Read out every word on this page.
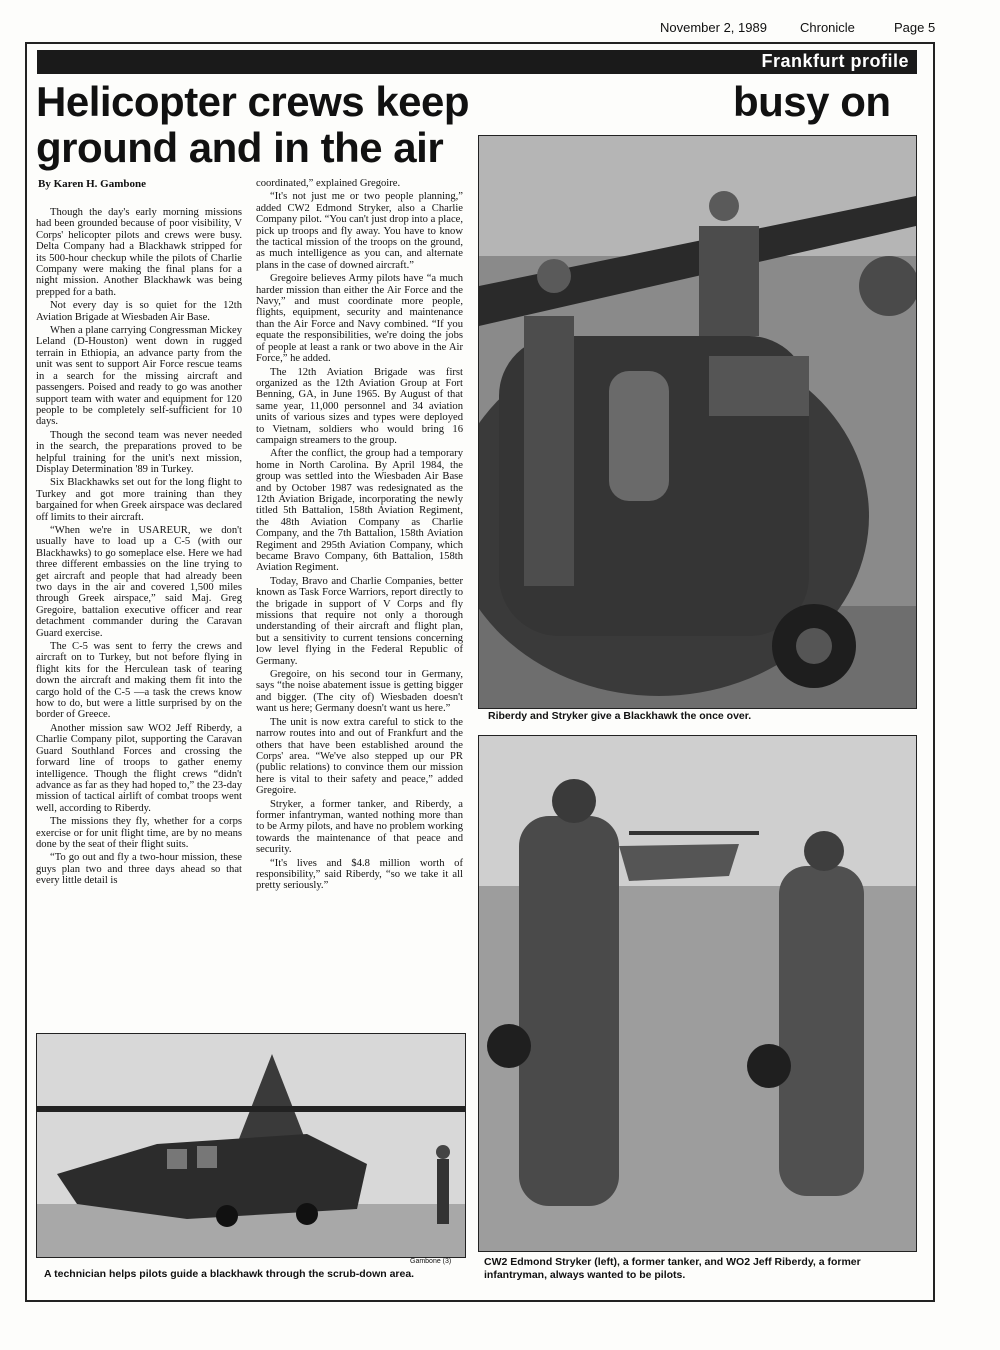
November 2, 1989	Chronicle	Page 5
Frankfurt profile
Riberdy and Stryker give a Blackhawk the once over.
Helicopter crews keep	busy on
ground and in the air

By Karen H. Gambone

Though the day's early morning missions had been grounded because of poor visibility, V Corps' helicopter pilots and crews were busy. Delta Company had a Blackhawk stripped for its 500-hour checkup while the pilots of Charlie Company were making the final plans for a night mission. Another Blackhawk was being prepped for a bath.

Not every day is so quiet for the 12th Aviation Brigade at Wiesbaden Air Base.

When a plane carrying Congressman Mickey Leland (D-Houston) went down in rugged terrain in Ethiopia, an advance party from the unit was sent to support Air Force rescue teams in a search for the missing aircraft and passengers. Poised and ready to go was another support team with water and equipment for 120 people to be completely self-sufficient for 10 days.

Though the second team was never needed in the search, the preparations proved to be helpful training for the unit's next mission, Display Determination '89 in Turkey.

Six Blackhawks set out for the long flight to Turkey and got more training than they bargained for when Greek airspace was declared off limits to their aircraft.

“When we're in USAREUR, we don't usually have to load up a C-5 (with our Blackhawks) to go someplace else. Here we had three different embassies on the line trying to get aircraft and people that had already been two days in the air and covered 1,500 miles through Greek airspace,” said Maj. Greg Gregoire, battalion executive officer and rear detachment commander during the Caravan Guard exercise.

The C-5 was sent to ferry the crews and aircraft on to Turkey, but not before flying in flight kits for the Herculean task of tearing down the aircraft and making them fit into the cargo hold of the C-5 —a task the crews know how to do, but were a little surprised by on the border of Greece.

Another mission saw WO2 Jeff Riberdy, a Charlie Company pilot, supporting the Caravan Guard Southland Forces and crossing the forward line of troops to gather enemy intelligence. Though the flight crews “didn't advance as far as they had hoped to,” the 23-day mission of tactical airlift of combat troops went well, according to Riberdy.

The missions they fly, whether for a corps exercise or for unit flight time, are by no means done by the seat of their flight suits.

“To go out and fly a two-hour mission, these guys plan two and three days ahead so that every little detail is

coordinated,” explained Gregoire.

“It's not just me or two people planning,” added CW2 Edmond Stryker, also a Charlie Company pilot. “You can't just drop into a place, pick up troops and fly away. You have to know the tactical mission of the troops on the ground, as much intelligence as you can, and alternate plans in the case of downed aircraft.”

Gregoire believes Army pilots have “a much harder mission than either the Air Force and the Navy,” and must coordinate more people, flights, equipment, security and maintenance than the Air Force and Navy combined. “If you equate the responsibilities, we're doing the jobs of people at least a rank or two above in the Air Force,” he added.

The 12th Aviation Brigade was first organized as the 12th Aviation Group at Fort Benning, GA, in June 1965. By August of that same year, 11,000 personnel and 34 aviation units of various sizes and types were deployed to Vietnam, soldiers who would bring 16 campaign streamers to the group.

After the conflict, the group had a temporary home in North Carolina. By April 1984, the group was settled into the Wiesbaden Air Base and by October 1987 was redesignated as the 12th Aviation Brigade, incorporating the newly titled 5th Battalion, 158th Aviation Regiment, the 48th Aviation Company as Charlie Company, and the 7th Battalion, 158th Aviation Regiment and 295th Aviation Company, which became Bravo Company, 6th Battalion, 158th Aviation Regiment.

Today, Bravo and Charlie Companies, better known as Task Force Warriors, report directly to the brigade in support of V Corps and fly missions that require not only a thorough understanding of their aircraft and flight plan, but a sensitivity to current tensions concerning low level flying in the Federal Republic of Germany.

Gregoire, on his second tour in Germany, says “the noise abatement issue is getting bigger and bigger. (The city of) Wiesbaden doesn't want us here; Germany doesn't want us here.”

The unit is now extra careful to stick to the narrow routes into and out of Frankfurt and the others that have been established around the Corps' area. “We've also stepped up our PR (public relations) to convince them our mission here is vital to their safety and peace,” added Gregoire.

Stryker, a former tanker, and Riberdy, a former infantryman, wanted nothing more than to be Army pilots, and have no problem working towards the maintenance of that peace and security.

“It's lives and $4.8 million worth of responsibility,” said Riberdy, “so we take it all pretty seriously.”

Gambone (3)
A technician helps pilots guide a blackhawk through the scrub-down area.
CW2 Edmond Stryker (left), a former tanker, and WO2 Jeff Riberdy, a former infantryman, always wanted to be pilots.
